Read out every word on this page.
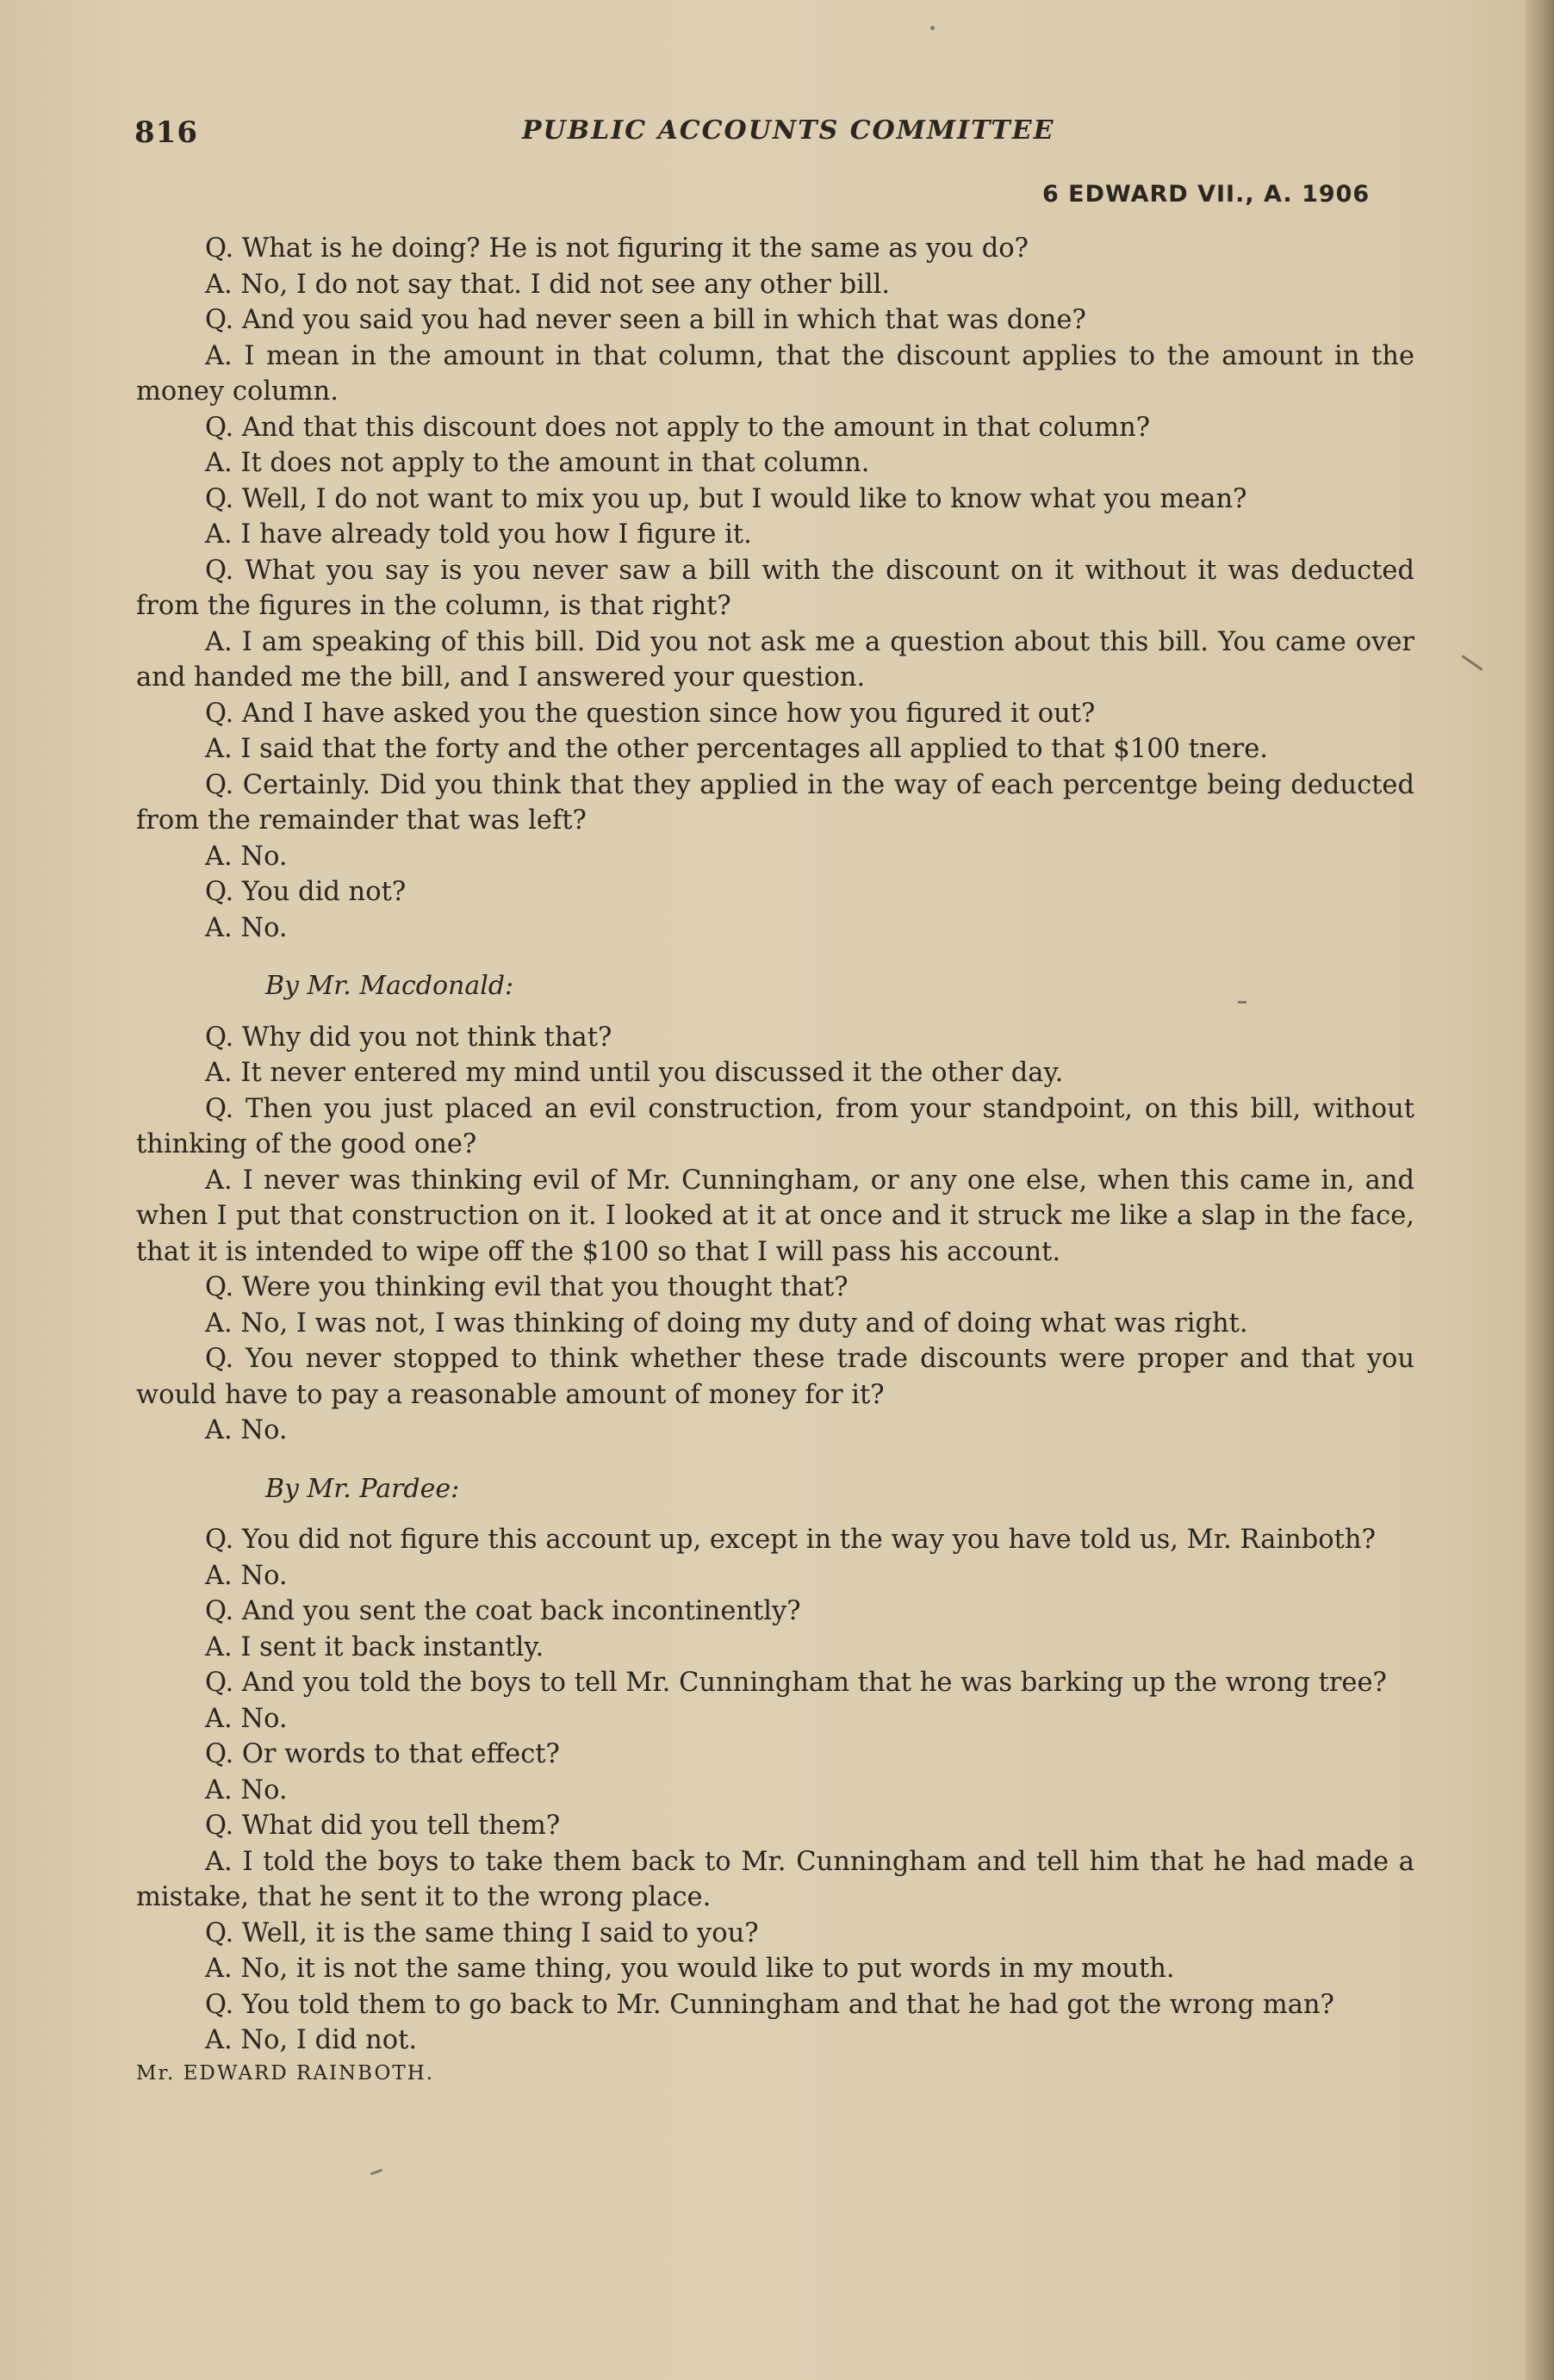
816	PUBLIC ACCOUNTS COMMITTEE
6 EDWARD VII., A. 1906

Q. What is he doing? He is not figuring it the same as you do?

A. No, I do not say that. I did not see any other bill.

Q. And you said you had never seen a bill in which that was done?

A. I mean in the amount in that column, that the discount applies to the amount in the money column.

Q. And that this discount does not apply to the amount in that column?

A. It does not apply to the amount in that column.

Q. Well, I do not want to mix you up, but I would like to know what you mean?

A. I have already told you how I figure it.

Q. What you say is you never saw a bill with the discount on it without it was deducted from the figures in the column, is that right?

A. I am speaking of this bill. Did you not ask me a question about this bill. You came over and handed me the bill, and I answered your question.

Q. And I have asked you the question since how you figured it out?

A. I said that the forty and the other percentages all applied to that $100 tnere.

Q. Certainly. Did you think that they applied in the way of each percentge being deducted from the remainder that was left?

A. No.

Q. You did not?

A. No.

By Mr. Macdonald:

Q. Why did you not think that?

A. It never entered my mind until you discussed it the other day.

Q. Then you just placed an evil construction, from your standpoint, on this bill, without thinking of the good one?

A. I never was thinking evil of Mr. Cunningham, or any one else, when this came in, and when I put that construction on it. I looked at it at once and it struck me like a slap in the face, that it is intended to wipe off the $100 so that I will pass his account.

Q. Were you thinking evil that you thought that?

A. No, I was not, I was thinking of doing my duty and of doing what was right.

Q. You never stopped to think whether these trade discounts were proper and that you would have to pay a reasonable amount of money for it?

A. No.

By Mr. Pardee:

Q. You did not figure this account up, except in the way you have told us, Mr. Rainboth?

A. No.

Q. And you sent the coat back incontinently?

A. I sent it back instantly.

Q. And you told the boys to tell Mr. Cunningham that he was barking up the wrong tree?

A. No.

Q. Or words to that effect?

A. No.

Q. What did you tell them?

A. I told the boys to take them back to Mr. Cunningham and tell him that he had made a mistake, that he sent it to the wrong place.

Q. Well, it is the same thing I said to you?

A. No, it is not the same thing, you would like to put words in my mouth.

Q. You told them to go back to Mr. Cunningham and that he had got the wrong man?

A. No, I did not.

Mr. EDWARD RAINBOTH.
